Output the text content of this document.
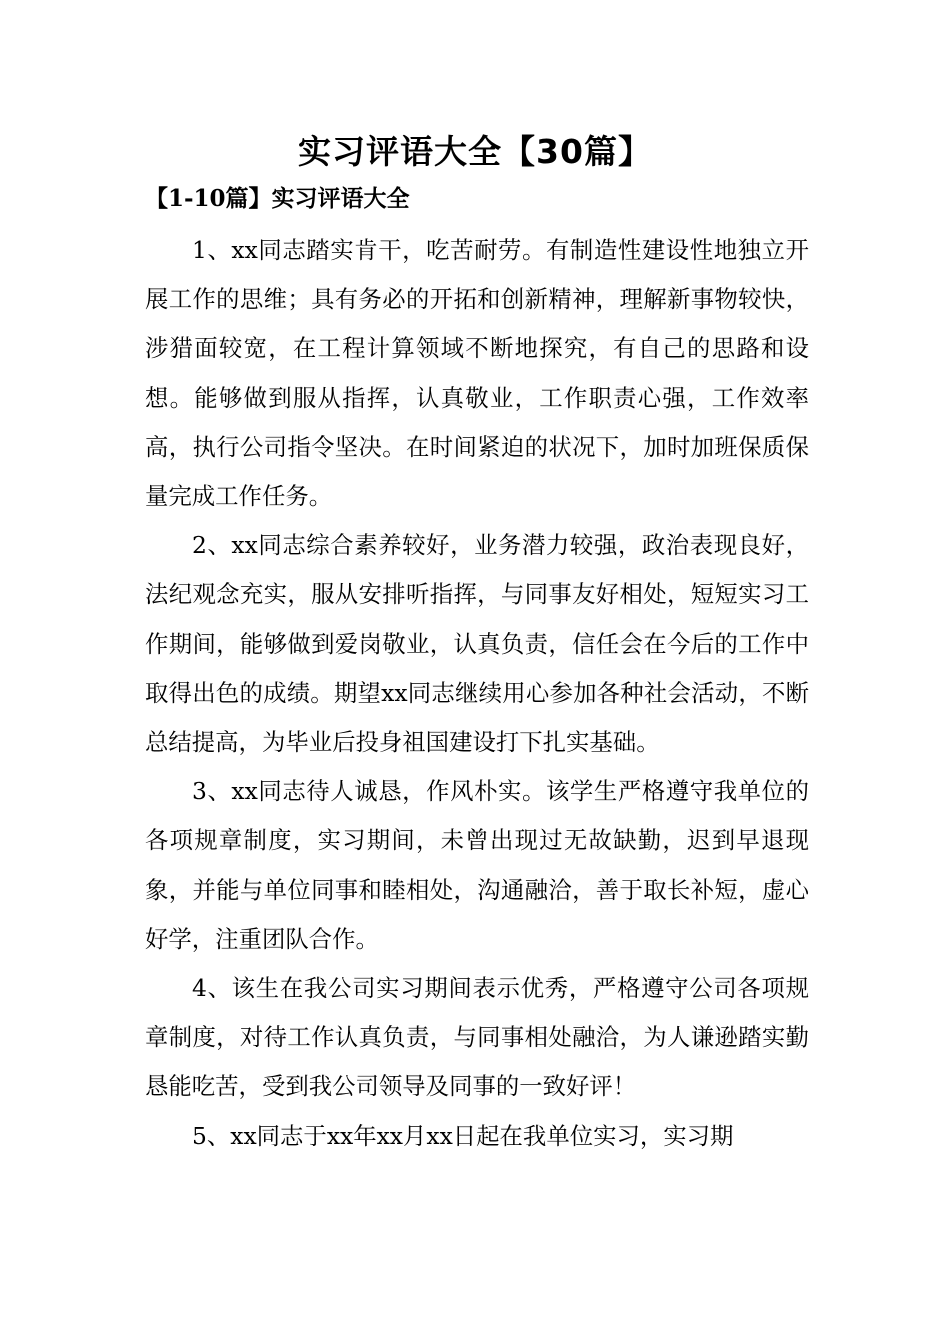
实习评语大全【30篇】
【1-10篇】实习评语大全

1、xx同志踏实肯干，吃苦耐劳。有制造性建设性地独立开展工作的思维；具有务必的开拓和创新精神，理解新事物较快，涉猎面较宽，在工程计算领域不断地探究，有自己的思路和设想。能够做到服从指挥，认真敬业，工作职责心强，工作效率高，执行公司指令坚决。在时间紧迫的状况下，加时加班保质保量完成工作任务。

2、xx同志综合素养较好，业务潜力较强，政治表现良好，法纪观念充实，服从安排听指挥，与同事友好相处，短短实习工作期间，能够做到爱岗敬业，认真负责，信任会在今后的工作中取得出色的成绩。期望xx同志继续用心参加各种社会活动，不断总结提高，为毕业后投身祖国建设打下扎实基础。

3、xx同志待人诚恳，作风朴实。该学生严格遵守我单位的各项规章制度，实习期间，未曾出现过无故缺勤，迟到早退现象，并能与单位同事和睦相处，沟通融洽，善于取长补短，虚心好学，注重团队合作。

4、该生在我公司实习期间表示优秀，严格遵守公司各项规章制度，对待工作认真负责，与同事相处融洽，为人谦逊踏实勤恳能吃苦，受到我公司领导及同事的一致好评！

5、xx同志于xx年xx月xx日起在我单位实习，实习期
